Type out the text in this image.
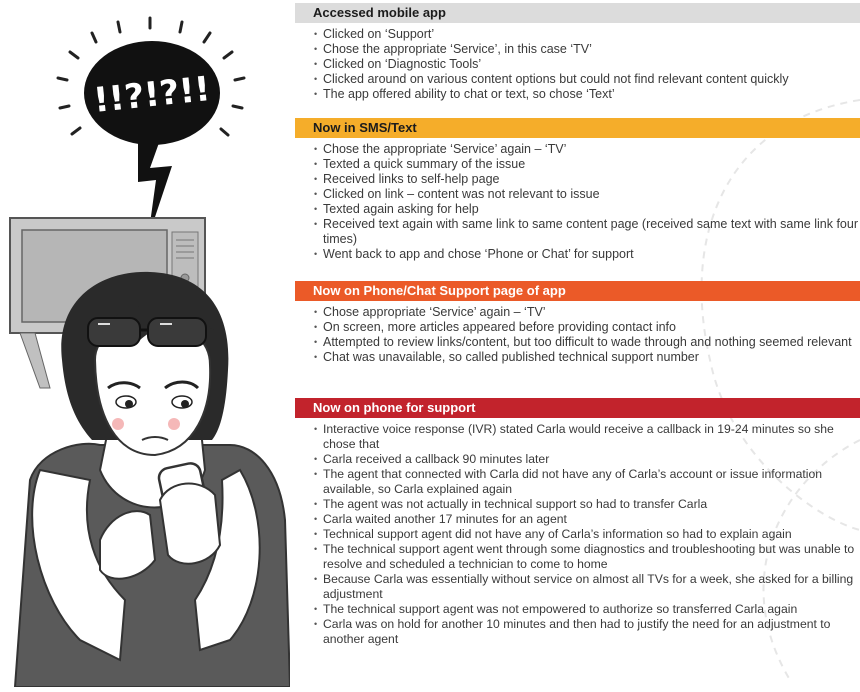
!!?!?!!
Accessed mobile app
• Clicked on ‘Support’
• Chose the appropriate ‘Service’, in this case ‘TV’
• Clicked on ‘Diagnostic Tools’
• Clicked around on various content options but could not find relevant content quickly
• The app offered ability to chat or text, so chose ‘Text’
Now in SMS/Text
• Chose the appropriate ‘Service’ again – ‘TV’
• Texted a quick summary of the issue
• Received links to self-help page
• Clicked on link – content was not relevant to issue
• Texted again asking for help
• Received text again with same link to same content page (received same text with same link four times)
• Went back to app and chose ‘Phone or Chat’ for support
Now on Phone/Chat Support page of app
• Chose appropriate ‘Service’ again – ‘TV’
• On screen, more articles appeared before providing contact info
• Attempted to review links/content, but too difficult to wade through and nothing seemed relevant
• Chat was unavailable, so called published technical support number
Now on phone for support
• Interactive voice response (IVR) stated Carla would receive a callback in 19-24 minutes so she chose that
• Carla received a callback 90 minutes later
• The agent that connected with Carla did not have any of Carla’s account or issue information available, so Carla explained again
• The agent was not actually in technical support so had to transfer Carla
• Carla waited another 17 minutes for an agent
• Technical support agent did not have any of Carla’s information so had to explain again
• The technical support agent went through some diagnostics and troubleshooting but was unable to resolve and scheduled a technician to come to home
• Because Carla was essentially without service on almost all TVs for a week, she asked for a billing adjustment
• The technical support agent was not empowered to authorize so transferred Carla again
• Carla was on hold for another 10 minutes and then had to justify the need for an adjustment to another agent
